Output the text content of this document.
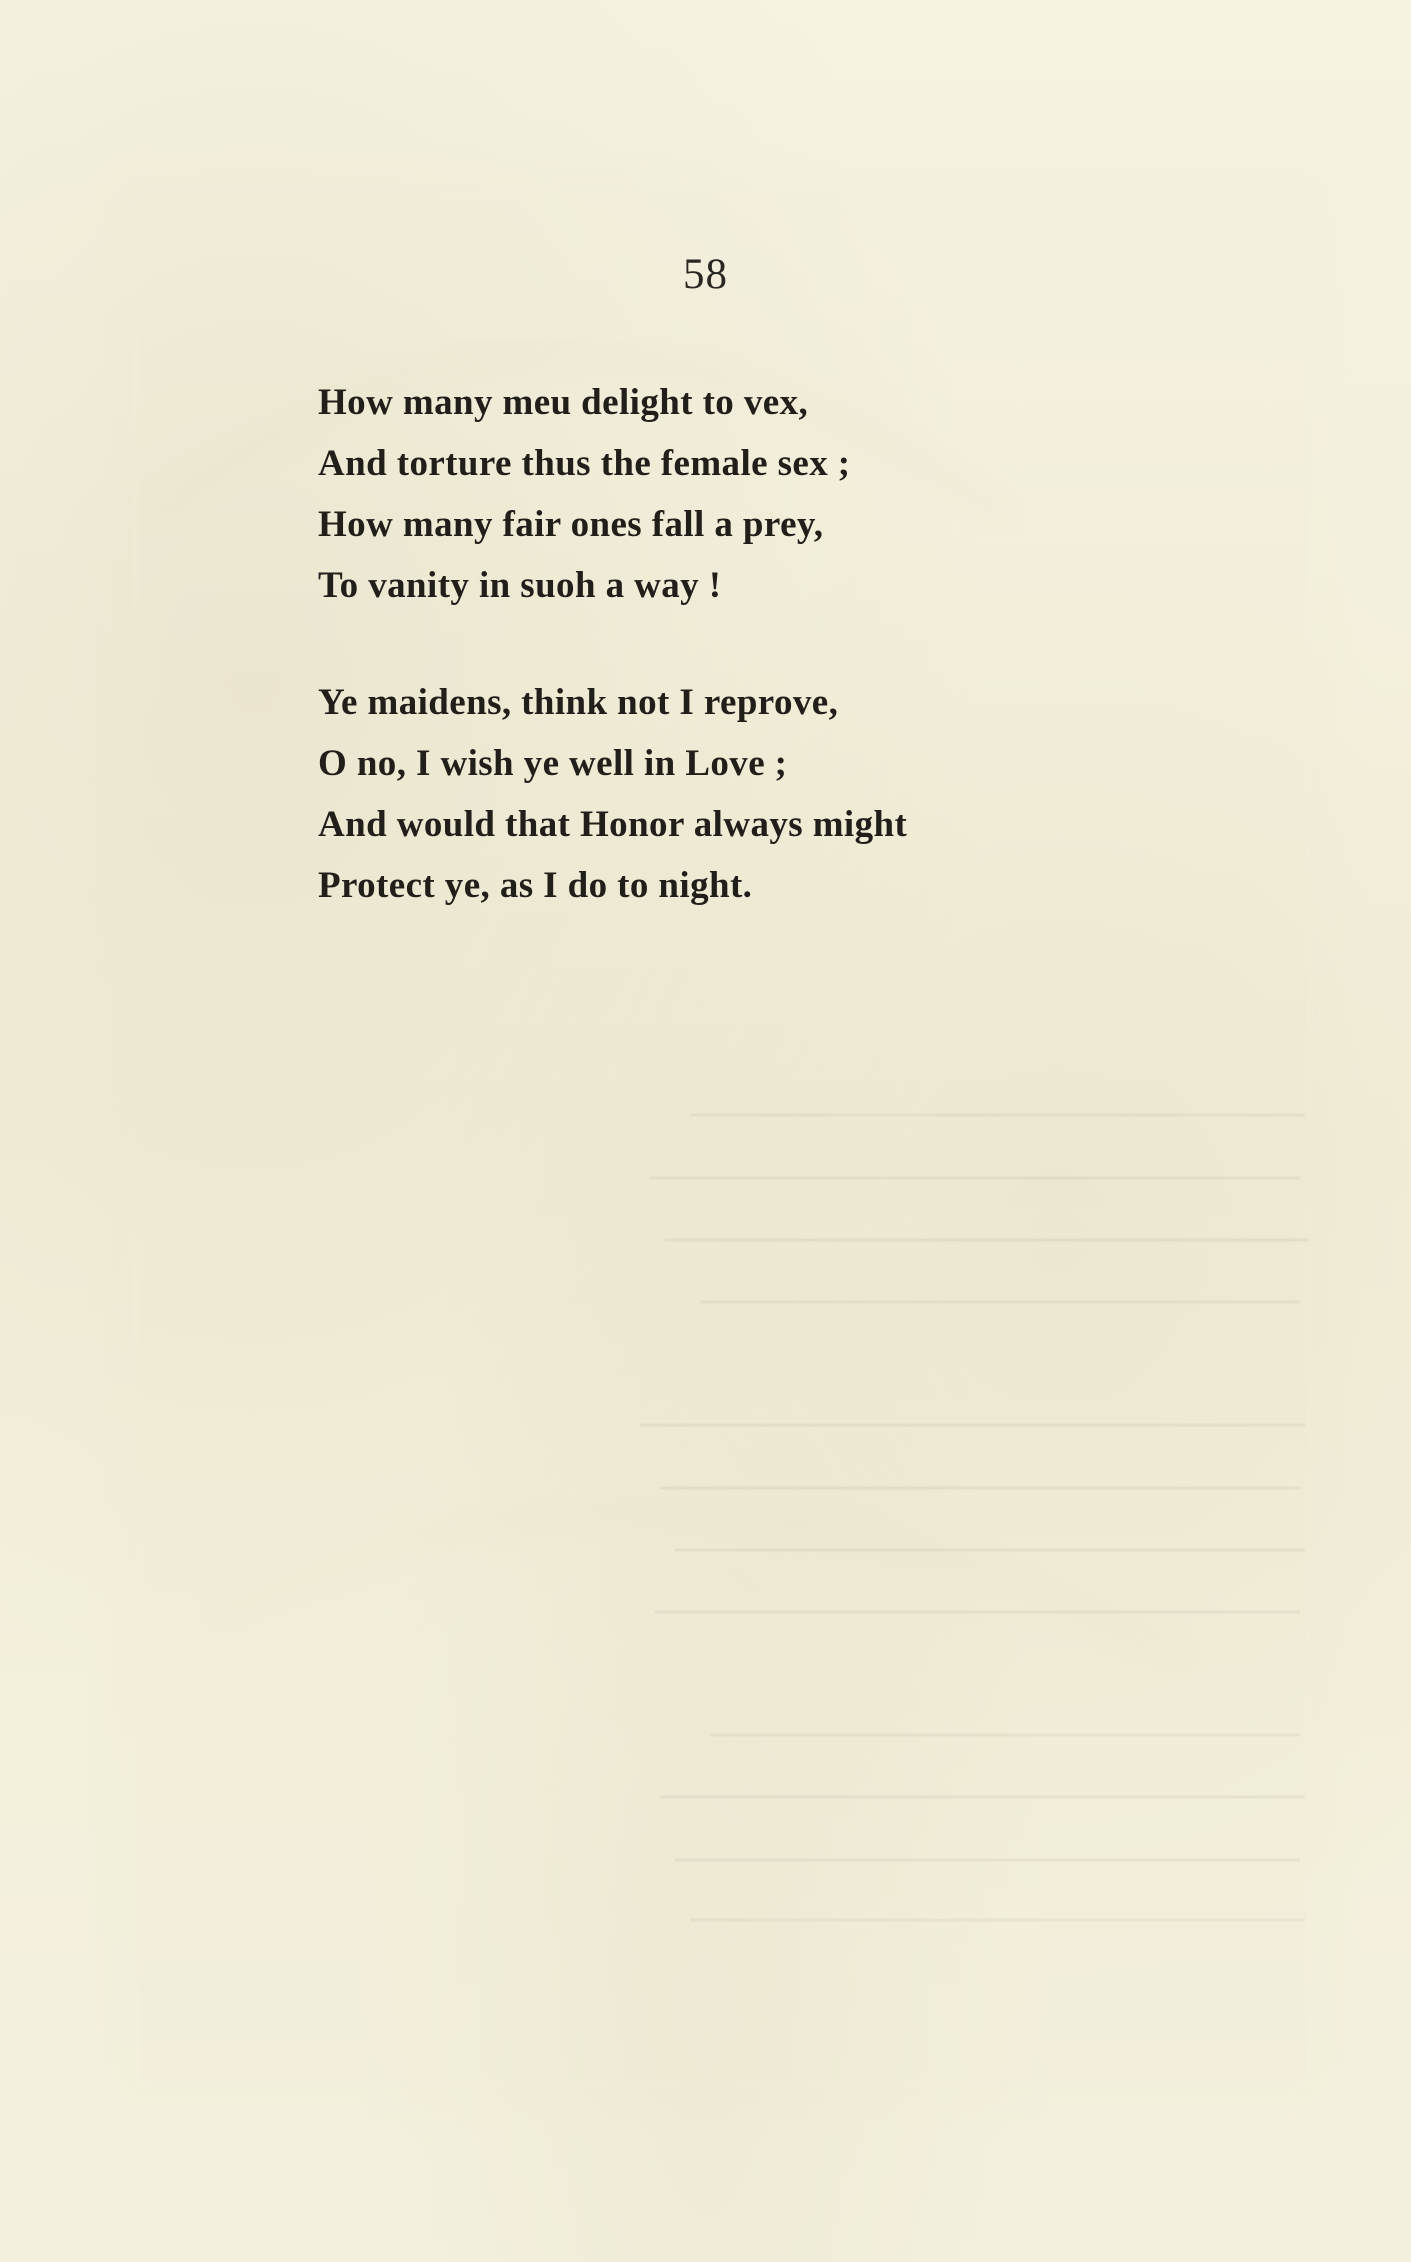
58
How many meu delight to vex,
And torture thus the female sex ;
How many fair ones fall a prey,
To vanity in suoh a way !
Ye maidens, think not I reprove,
O no, I wish ye well in Love ;
And would that Honor always might
Protect ye, as I do to night.
